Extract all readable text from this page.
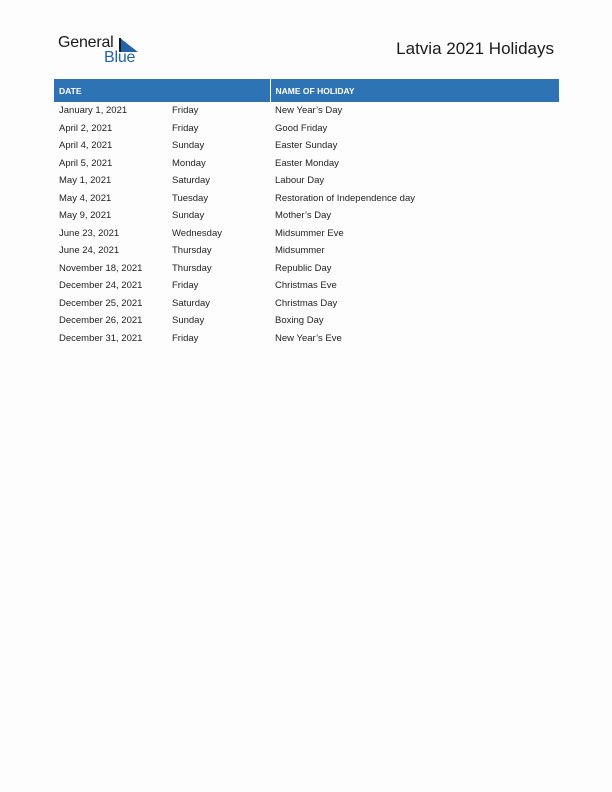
General
Blue	Latvia 2021 Holidays
DATE		NAME OF HOLIDAY
January 1, 2021	Friday	New Year’s Day
April 2, 2021	Friday	Good Friday
April 4, 2021	Sunday	Easter Sunday
April 5, 2021	Monday	Easter Monday
May 1, 2021	Saturday	Labour Day
May 4, 2021	Tuesday	Restoration of Independence day
May 9, 2021	Sunday	Mother’s Day
June 23, 2021	Wednesday	Midsummer Eve
June 24, 2021	Thursday	Midsummer
November 18, 2021	Thursday	Republic Day
December 24, 2021	Friday	Christmas Eve
December 25, 2021	Saturday	Christmas Day
December 26, 2021	Sunday	Boxing Day
December 31, 2021	Friday	New Year’s Eve
